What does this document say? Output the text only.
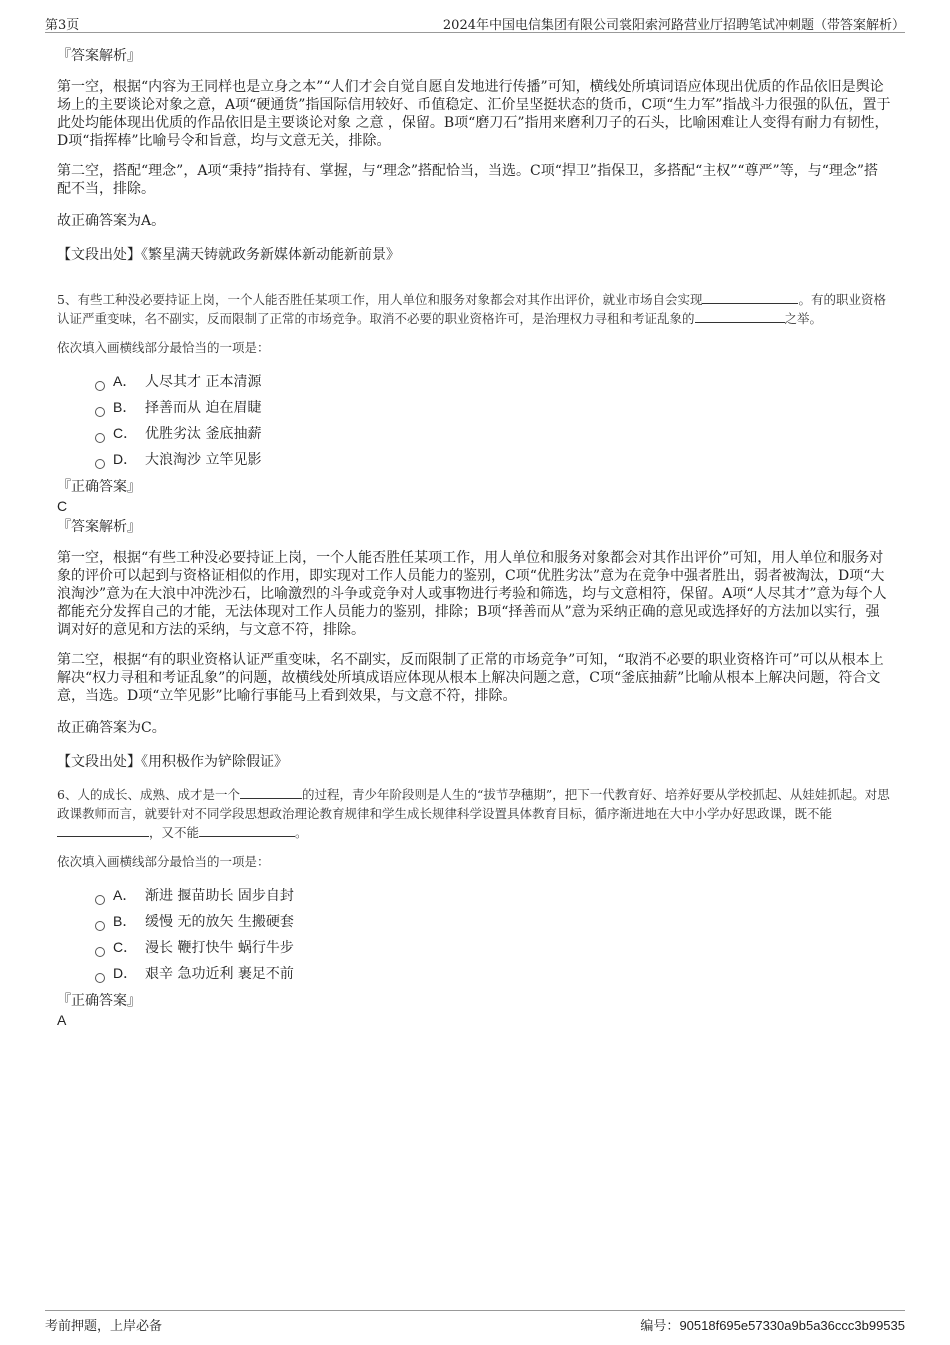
第3页	2024年中国电信集团有限公司裳阳索河路营业厅招聘笔试冲刺题（带答案解析）
『答案解析』

第一空，根据“内容为王同样也是立身之本”“人们才会自觉自愿自发地进行传播”可知，横线处所填词语应体现出优质的作品依旧是舆论场上的主要谈论对象之意，A项“硬通货”指国际信用较好、币值稳定、汇价呈坚挺状态的货币，C项“生力军”指战斗力很强的队伍，置于此处均能体现出优质的作品依旧是主要谈论对象 之意 ，保留。B项“磨刀石”指用来磨利刀子的石头，比喻困难让人变得有耐力有韧性，D项“指挥棒”比喻号令和旨意，均与文意无关，排除。

第二空，搭配“理念”，A项“秉持”指持有、掌握，与“理念”搭配恰当，当选。C项“捍卫”指保卫，多搭配“主权”“尊严”等，与“理念”搭配不当，排除。

故正确答案为A。

【文段出处】《繁星满天铸就政务新媒体新动能新前景》

5、有些工种没必要持证上岗，一个人能否胜任某项工作，用人单位和服务对象都会对其作出评价，就业市场自会实现	。有的职业资格认证严重变味，名不副实，反而限制了正常的市场竞争。取消不必要的职业资格许可，是治理权力寻租和考证乱象的	之举。

依次填入画横线部分最恰当的一项是：

A． 人尽其才 正本清源
B． 择善而从 迫在眉睫
C． 优胜劣汰 釜底抽薪
D． 大浪淘沙 立竿见影
『正确答案』
C
『答案解析』

第一空，根据“有些工种没必要持证上岗，一个人能否胜任某项工作，用人单位和服务对象都会对其作出评价”可知，用人单位和服务对象的评价可以起到与资格证相似的作用，即实现对工作人员能力的鉴别，C项“优胜劣汰”意为在竞争中强者胜出，弱者被淘汰，D项“大浪淘沙”意为在大浪中冲洗沙石，比喻激烈的斗争或竞争对人或事物进行考验和筛选，均与文意相符，保留。A项“人尽其才”意为每个人都能充分发挥自己的才能，无法体现对工作人员能力的鉴别，排除；B项“择善而从”意为采纳正确的意见或选择好的方法加以实行，强调对好的意见和方法的采纳，与文意不符，排除。

第二空，根据“有的职业资格认证严重变味，名不副实，反而限制了正常的市场竞争”可知，“取消不必要的职业资格许可”可以从根本上解决“权力寻租和考证乱象”的问题，故横线处所填成语应体现从根本上解决问题之意，C项“釜底抽薪”比喻从根本上解决问题，符合文意，当选。D项“立竿见影”比喻行事能马上看到效果，与文意不符，排除。

故正确答案为C。

【文段出处】《用积极作为铲除假证》

6、人的成长、成熟、成才是一个	的过程，青少年阶段则是人生的“拔节孕穗期”，把下一代教育好、培养好要从学校抓起、从娃娃抓起。对思政课教师而言，就要针对不同学段思想政治理论教育规律和学生成长规律科学设置具体教育目标，循序渐进地在大中小学办好思政课，既不能，又不能	。

依次填入画横线部分最恰当的一项是：

A． 渐进 揠苗助长 固步自封
B． 缓慢 无的放矢 生搬硬套
C． 漫长 鞭打快牛 蜗行牛步
D． 艰辛 急功近利 裹足不前
『正确答案』
A
考前押题，上岸必备	编号：90518f695e57330a9b5a36ccc3b99535
